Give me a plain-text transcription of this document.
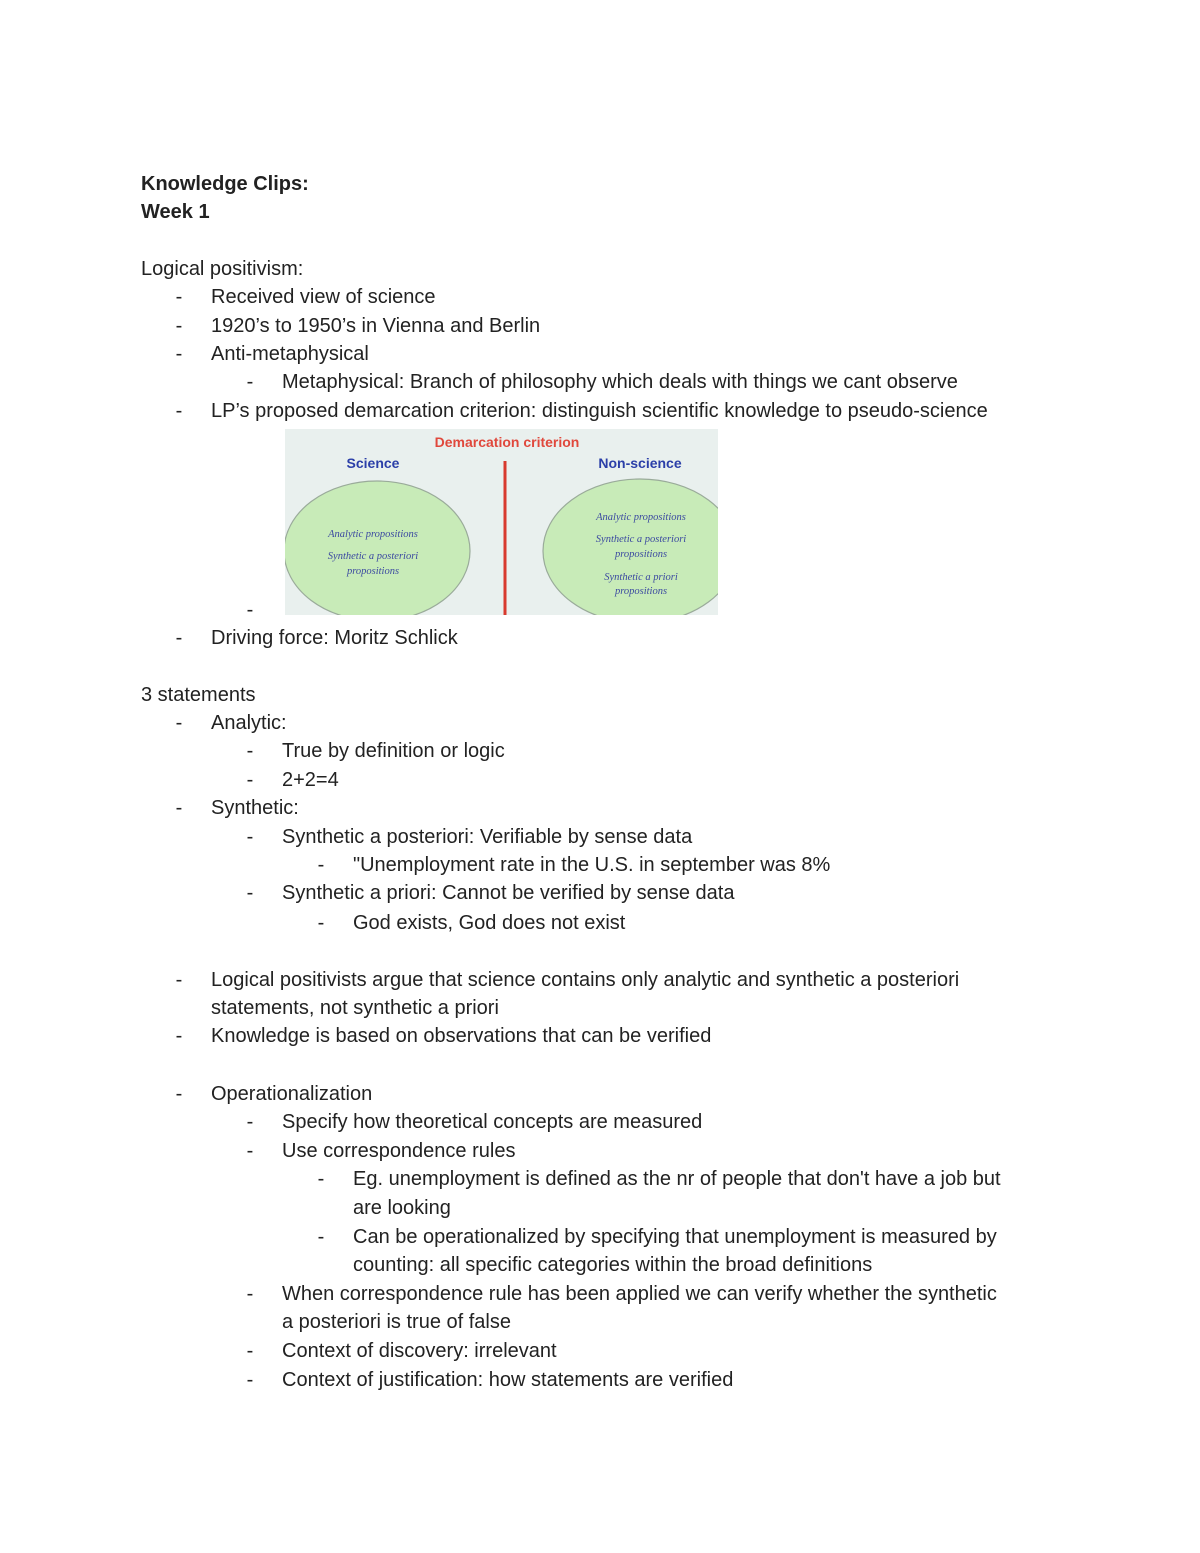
Knowledge Clips:
Week 1
Logical positivism:
- Received view of science
- 1920’s to 1950’s in Vienna and Berlin
- Anti-metaphysical
- Metaphysical: Branch of philosophy which deals with things we cant observe
- LP’s proposed demarcation criterion: distinguish scientific knowledge to pseudo-science
Demarcation criterion
Science	Non-science
Analytic propositions
Synthetic a posteriori
propositions
Analytic propositions
Synthetic a posteriori
propositions
Synthetic a priori
propositions
-
- Driving force: Moritz Schlick
3 statements
- Analytic:
- True by definition or logic
- 2+2=4
- Synthetic:
- Synthetic a posteriori: Verifiable by sense data
- "Unemployment rate in the U.S. in september was 8%
- Synthetic a priori: Cannot be verified by sense data
- God exists, God does not exist
- Logical positivists argue that science contains only analytic and synthetic a posteriori
statements, not synthetic a priori
- Knowledge is based on observations that can be verified
- Operationalization
- Specify how theoretical concepts are measured
- Use correspondence rules
- Eg. unemployment is defined as the nr of people that don't have a job but
are looking
- Can be operationalized by specifying that unemployment is measured by
counting: all specific categories within the broad definitions
- When correspondence rule has been applied we can verify whether the synthetic
a posteriori is true of false
- Context of discovery: irrelevant
- Context of justification: how statements are verified
